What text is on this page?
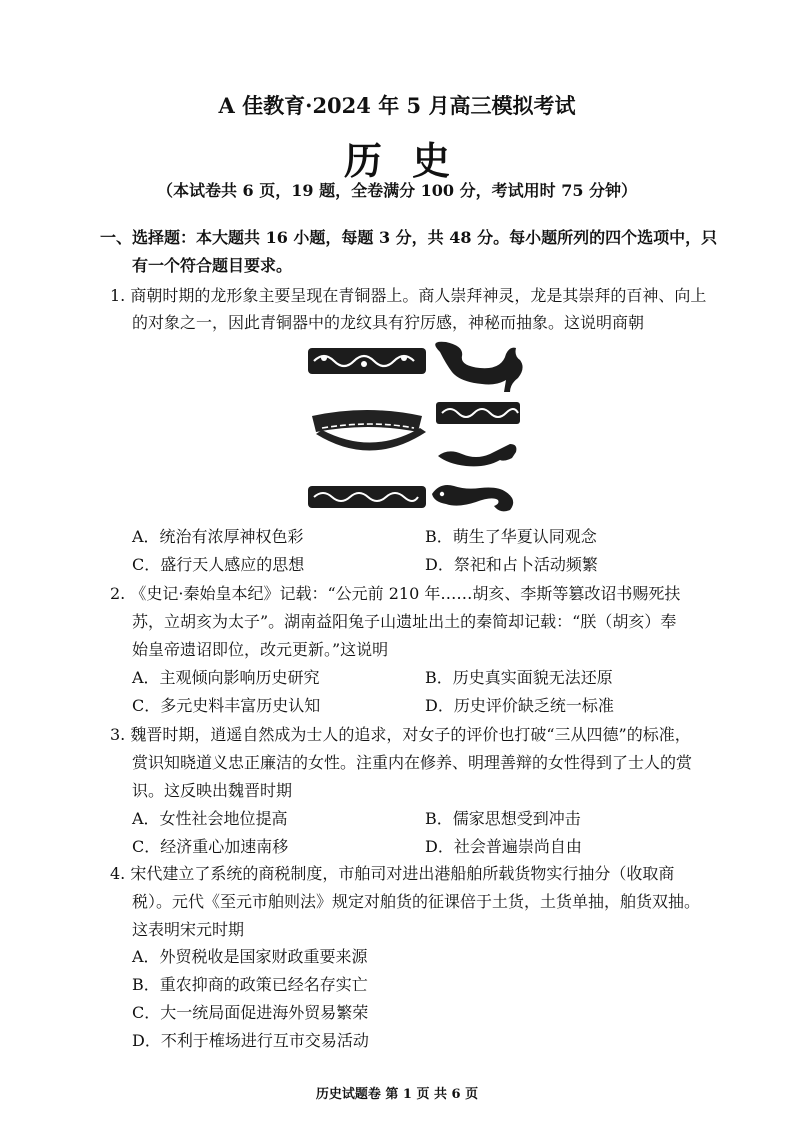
A 佳教育·2024 年 5 月高三模拟考试
历史
（本试卷共 6 页，19 题，全卷满分 100 分，考试用时 75 分钟）
一、选择题：本大题共 16 小题，每题 3 分，共 48 分。每小题所列的四个选项中，只
有一个符合题目要求。
1. 商朝时期的龙形象主要呈现在青铜器上。商人崇拜神灵，龙是其崇拜的百神、向上
的对象之一，因此青铜器中的龙纹具有狞厉感，神秘而抽象。这说明商朝
A．统治有浓厚神权色彩	B．萌生了华夏认同观念
C．盛行天人感应的思想	D．祭祀和占卜活动频繁
2. 《史记·秦始皇本纪》记载：“公元前 210 年……胡亥、李斯等篡改诏书赐死扶
苏，立胡亥为太子”。湖南益阳兔子山遗址出土的秦简却记载：“朕（胡亥）奉
始皇帝遗诏即位，改元更新。”这说明
A．主观倾向影响历史研究	B．历史真实面貌无法还原
C．多元史料丰富历史认知	D．历史评价缺乏统一标准
3. 魏晋时期，逍遥自然成为士人的追求，对女子的评价也打破“三从四德”的标准，
赏识知晓道义忠正廉洁的女性。注重内在修养、明理善辩的女性得到了士人的赏
识。这反映出魏晋时期
A．女性社会地位提高	B．儒家思想受到冲击
C．经济重心加速南移	D．社会普遍崇尚自由
4. 宋代建立了系统的商税制度，市舶司对进出港船舶所载货物实行抽分（收取商
税）。元代《至元市舶则法》规定对舶货的征课倍于土货，土货单抽，舶货双抽。
这表明宋元时期
A．外贸税收是国家财政重要来源
B．重农抑商的政策已经名存实亡
C．大一统局面促进海外贸易繁荣
D．不利于榷场进行互市交易活动
历史试题卷 第 1 页 共 6 页
